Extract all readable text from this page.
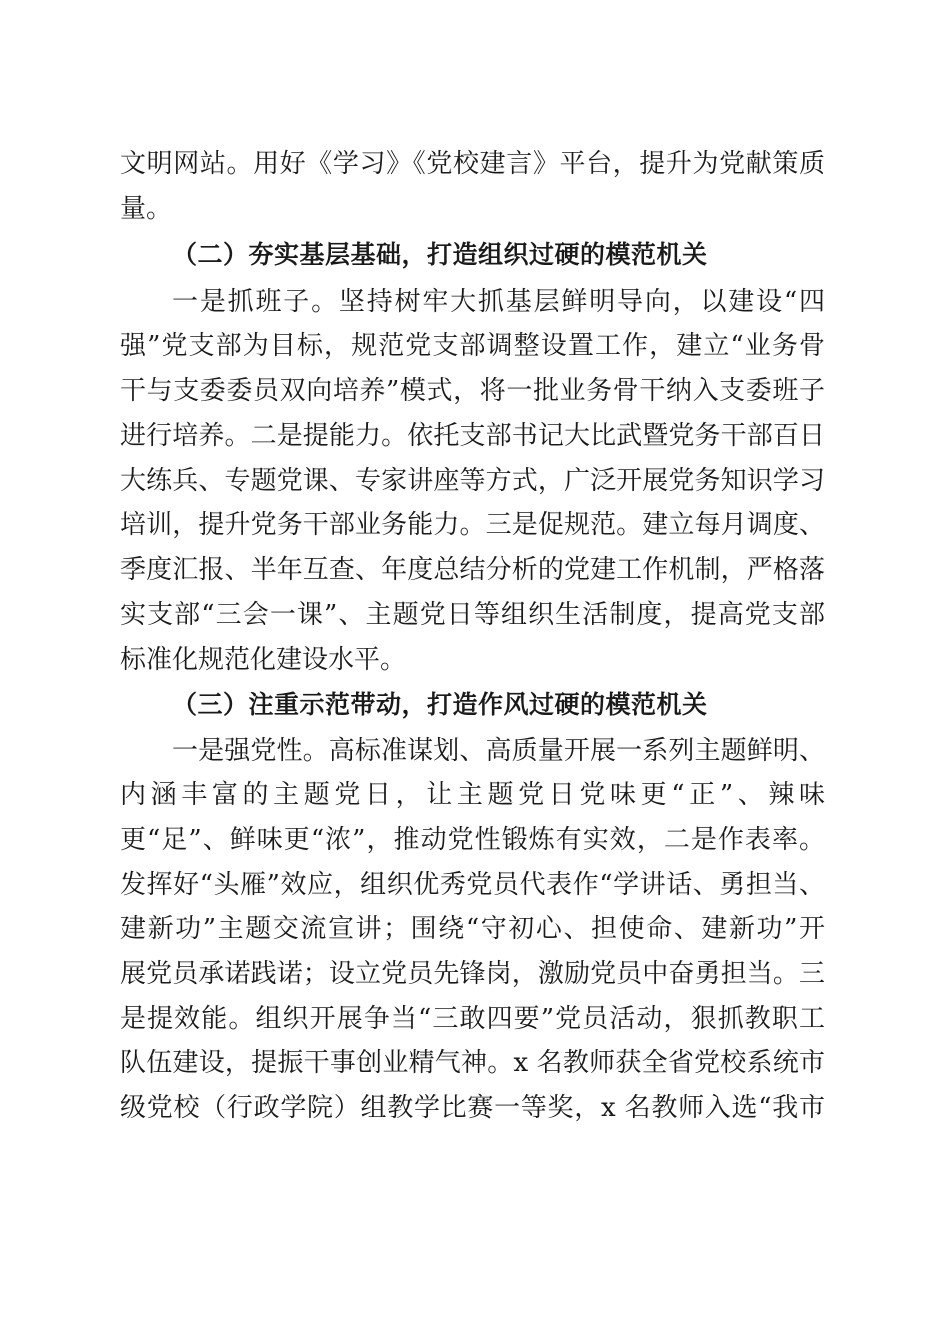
文明网站。用好《学习》《党校建言》平台，提升为党献策质
量。
（二）夯实基层基础，打造组织过硬的模范机关
一是抓班子。坚持树牢大抓基层鲜明导向，以建设“四
强”党支部为目标，规范党支部调整设置工作，建立“业务骨
干与支委委员双向培养”模式，将一批业务骨干纳入支委班子
进行培养。二是提能力。依托支部书记大比武暨党务干部百日
大练兵、专题党课、专家讲座等方式，广泛开展党务知识学习
培训，提升党务干部业务能力。三是促规范。建立每月调度、
季度汇报、半年互查、年度总结分析的党建工作机制，严格落
实支部“三会一课”、主题党日等组织生活制度，提高党支部
标准化规范化建设水平。
（三）注重示范带动，打造作风过硬的模范机关
一是强党性。高标准谋划、高质量开展一系列主题鲜明、
内涵丰富的主题党日，让主题党日党味更“正”、辣味
更“足”、鲜味更“浓”，推动党性锻炼有实效，二是作表率。
发挥好“头雁”效应，组织优秀党员代表作“学讲话、勇担当、
建新功”主题交流宣讲；围绕“守初心、担使命、建新功”开
展党员承诺践诺；设立党员先锋岗，激励党员中奋勇担当。三
是提效能。组织开展争当“三敢四要”党员活动，狠抓教职工
队伍建设，提振干事创业精气神。x 名教师获全省党校系统市
级党校（行政学院）组教学比赛一等奖，x 名教师入选“我市
